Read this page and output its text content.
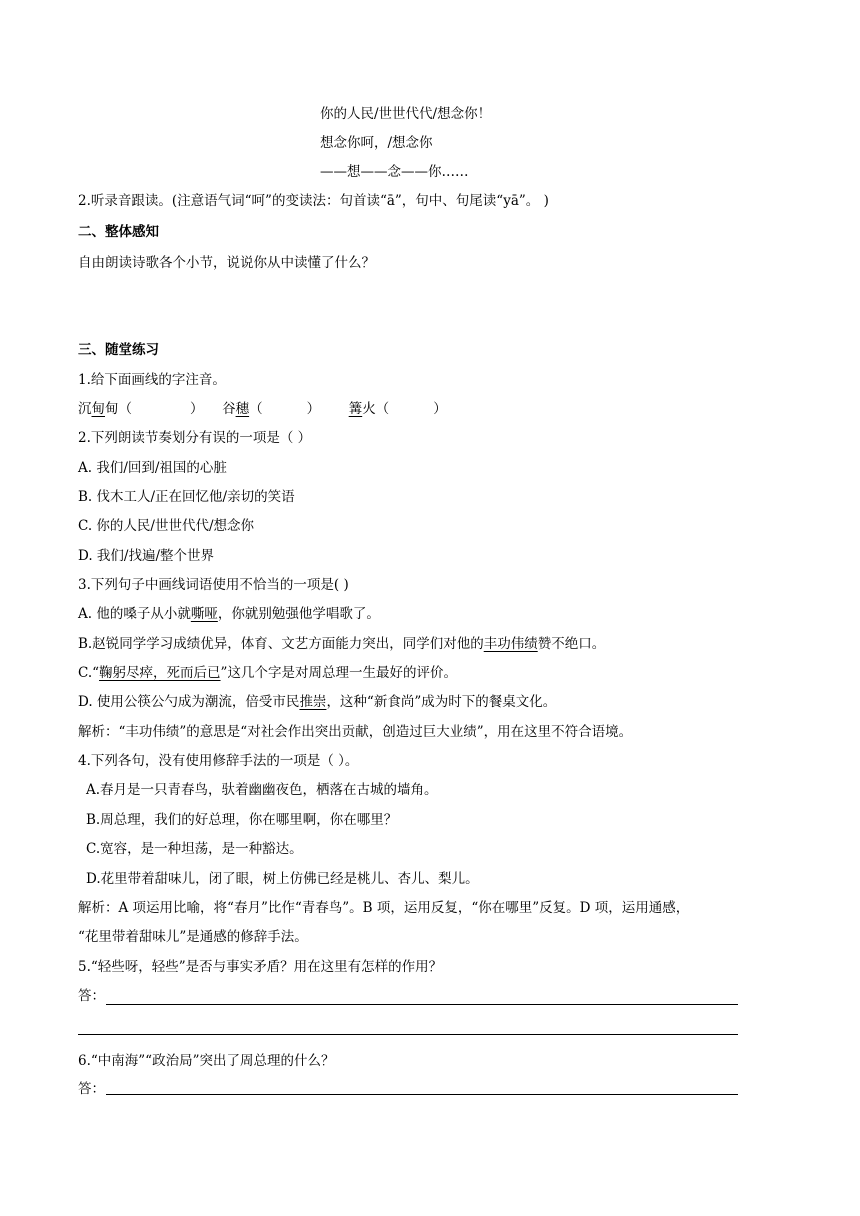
你的人民/世世代代/想念你！
想念你呵，/想念你
——想——念——你……
2.听录音跟读。(注意语气词“呵”的变读法：句首读“ā”，句中、句尾读“yā”。 )
二、整体感知
自由朗读诗歌各个小节，说说你从中读懂了什么？
三、随堂练习
1.给下面画线的字注音。
沉甸甸（	） 谷穗（	） 篝火（	）
2.下列朗读节奏划分有误的一项是（ ）
A. 我们/回到/祖国的心脏
B. 伐木工人/正在回忆他/亲切的笑语
C. 你的人民/世世代代/想念你
D. 我们/找遍/整个世界
3.下列句子中画线词语使用不恰当的一项是( )
A. 他的嗓子从小就嘶哑，你就别勉强他学唱歌了。
B.赵锐同学学习成绩优异，体育、文艺方面能力突出，同学们对他的丰功伟绩赞不绝口。
C.“鞠躬尽瘁，死而后已”这几个字是对周总理一生最好的评价。
D. 使用公筷公勺成为潮流，倍受市民推崇，这种“新食尚”成为时下的餐桌文化。
解析：“丰功伟绩”的意思是“对社会作出突出贡献，创造过巨大业绩”，用在这里不符合语境。
4.下列各句，没有使用修辞手法的一项是（ ）。
A.春月是一只青春鸟，驮着幽幽夜色，栖落在古城的墙角。
B.周总理，我们的好总理，你在哪里啊，你在哪里？
C.宽容，是一种坦荡，是一种豁达。
D.花里带着甜味儿，闭了眼，树上仿佛已经是桃儿、杏儿、梨儿。
解析：A 项运用比喻，将“春月”比作“青春鸟”。B 项，运用反复，“你在哪里”反复。D 项，运用通感，
“花里带着甜味儿”是通感的修辞手法。
5.“轻些呀，轻些”是否与事实矛盾？用在这里有怎样的作用？
答：
6.“中南海”“政治局”突出了周总理的什么？
答：
